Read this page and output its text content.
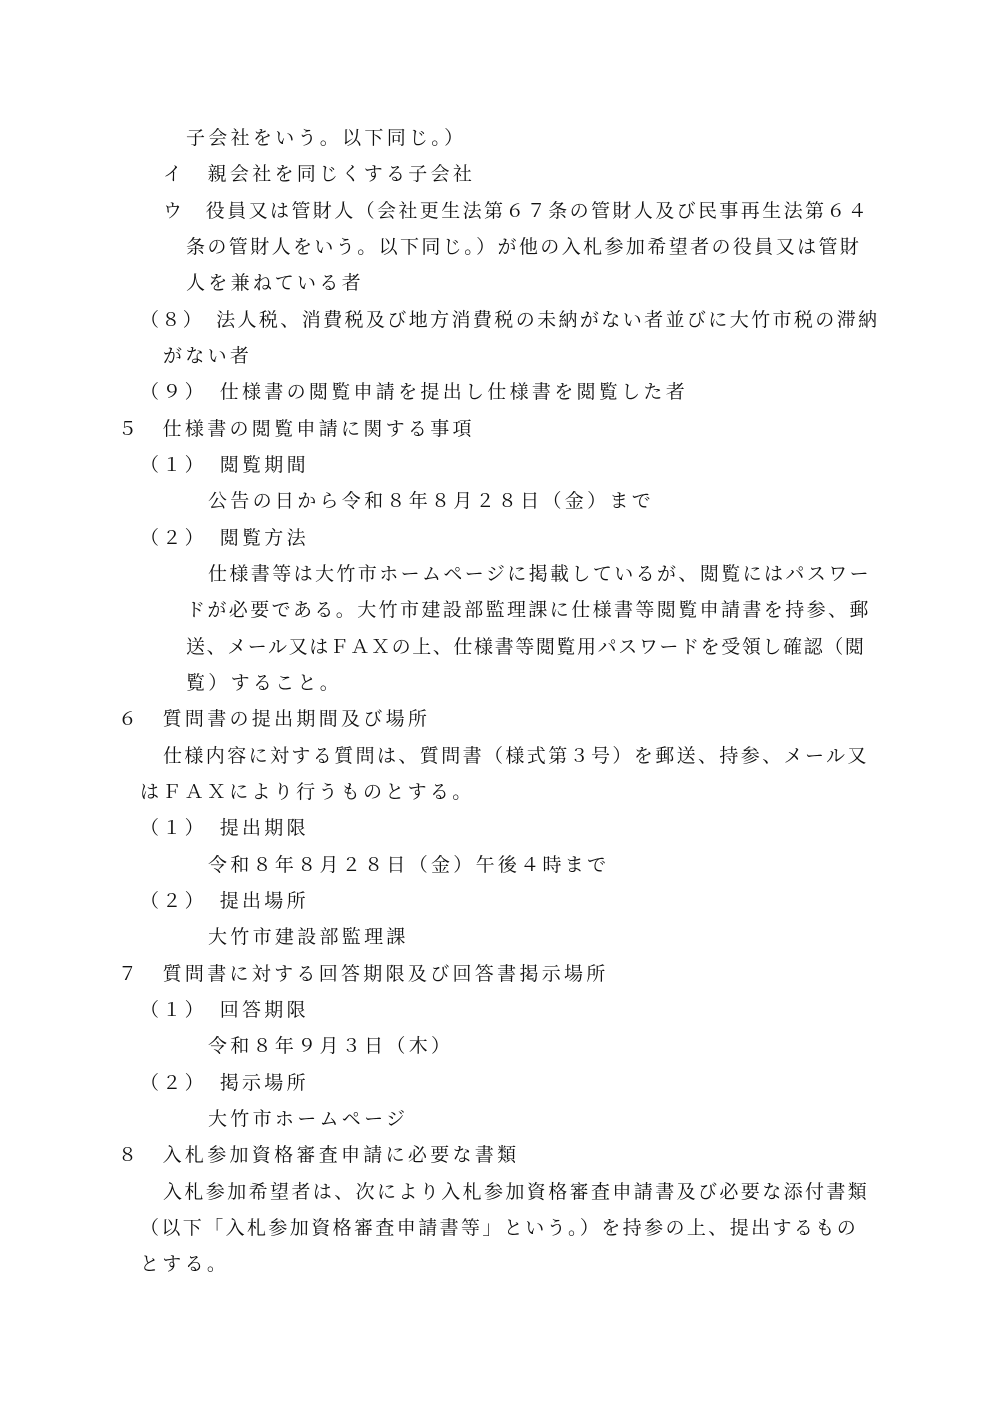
子会社をいう。以下同じ。）
イ　親会社を同じくする子会社
ウ　役員又は管財人（会社更生法第６７条の管財人及び民事再生法第６４
条の管財人をいう。以下同じ。）が他の入札参加希望者の役員又は管財
人を兼ねている者
（８）　法人税、消費税及び地方消費税の未納がない者並びに大竹市税の滞納
がない者
（９）　仕様書の閲覧申請を提出し仕様書を閲覧した者
５　仕様書の閲覧申請に関する事項
（１）　閲覧期間
公告の日から令和８年８月２８日（金）まで
（２）　閲覧方法
仕様書等は大竹市ホームページに掲載しているが、閲覧にはパスワー
ドが必要である。大竹市建設部監理課に仕様書等閲覧申請書を持参、郵
送、メール又はＦＡＸの上、仕様書等閲覧用パスワードを受領し確認（閲
覧）すること。
６　質問書の提出期間及び場所
仕様内容に対する質問は、質問書（様式第３号）を郵送、持参、メール又
はＦＡＸにより行うものとする。
（１）　提出期限
令和８年８月２８日（金）午後４時まで
（２）　提出場所
大竹市建設部監理課
７　質問書に対する回答期限及び回答書掲示場所
（１）　回答期限
令和８年９月３日（木）
（２）　掲示場所
大竹市ホームページ
８　入札参加資格審査申請に必要な書類
入札参加希望者は、次により入札参加資格審査申請書及び必要な添付書類
（以下「入札参加資格審査申請書等」という。）を持参の上、提出するもの
とする。
